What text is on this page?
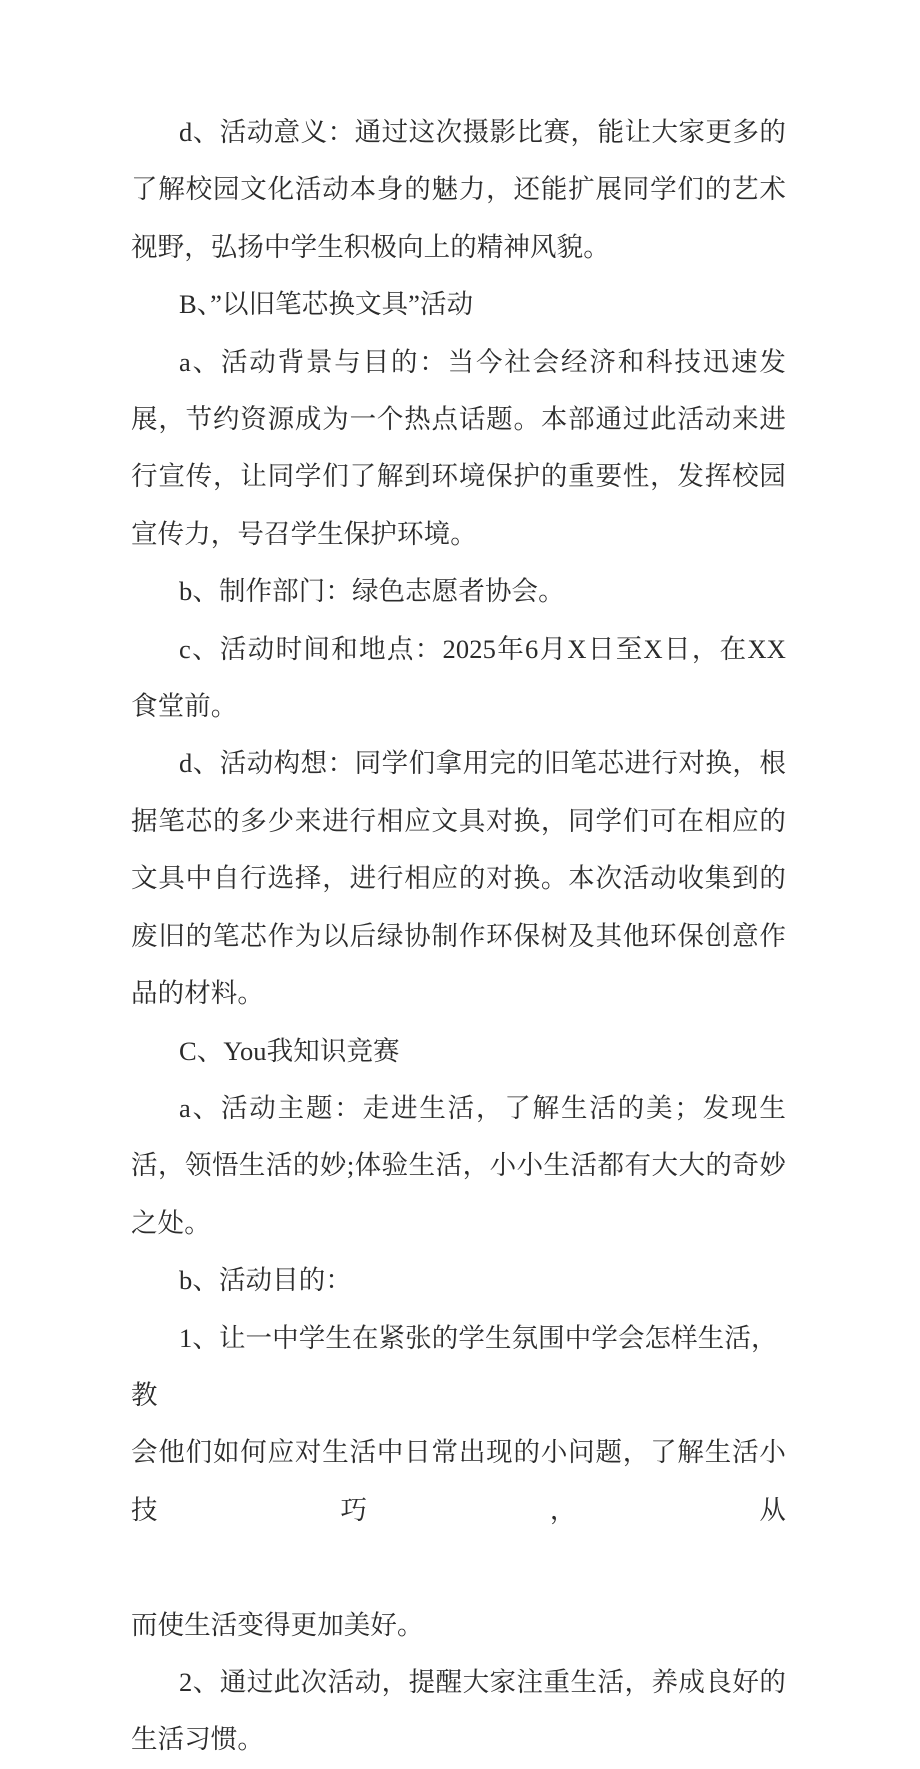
d、活动意义：通过这次摄影比赛，能让大家更多的了解校园文化活动本身的魅力，还能扩展同学们的艺术视野，弘扬中学生积极向上的精神风貌。

B、”以旧笔芯换文具”活动

a、活动背景与目的：当今社会经济和科技迅速发展，节约资源成为一个热点话题。本部通过此活动来进行宣传，让同学们了解到环境保护的重要性，发挥校园宣传力，号召学生保护环境。

b、制作部门：绿色志愿者协会。

c、活动时间和地点：2025年6月X日至X日，在XX食堂前。

d、活动构想：同学们拿用完的旧笔芯进行对换，根据笔芯的多少来进行相应文具对换，同学们可在相应的文具中自行选择，进行相应的对换。本次活动收集到的废旧的笔芯作为以后绿协制作环保树及其他环保创意作品的材料。

C、You我知识竞赛

a、活动主题：走进生活，了解生活的美；发现生活，领悟生活的妙;体验生活，小小生活都有大大的奇妙之处。

b、活动目的：

1、让一中学生在紧张的学生氛围中学会怎样生活，教
会他们如何应对生活中日常出现的小问题，了解生活小技巧，从
而使生活变得更加美好。

2、通过此次活动，提醒大家注重生活，养成良好的生活习惯。
